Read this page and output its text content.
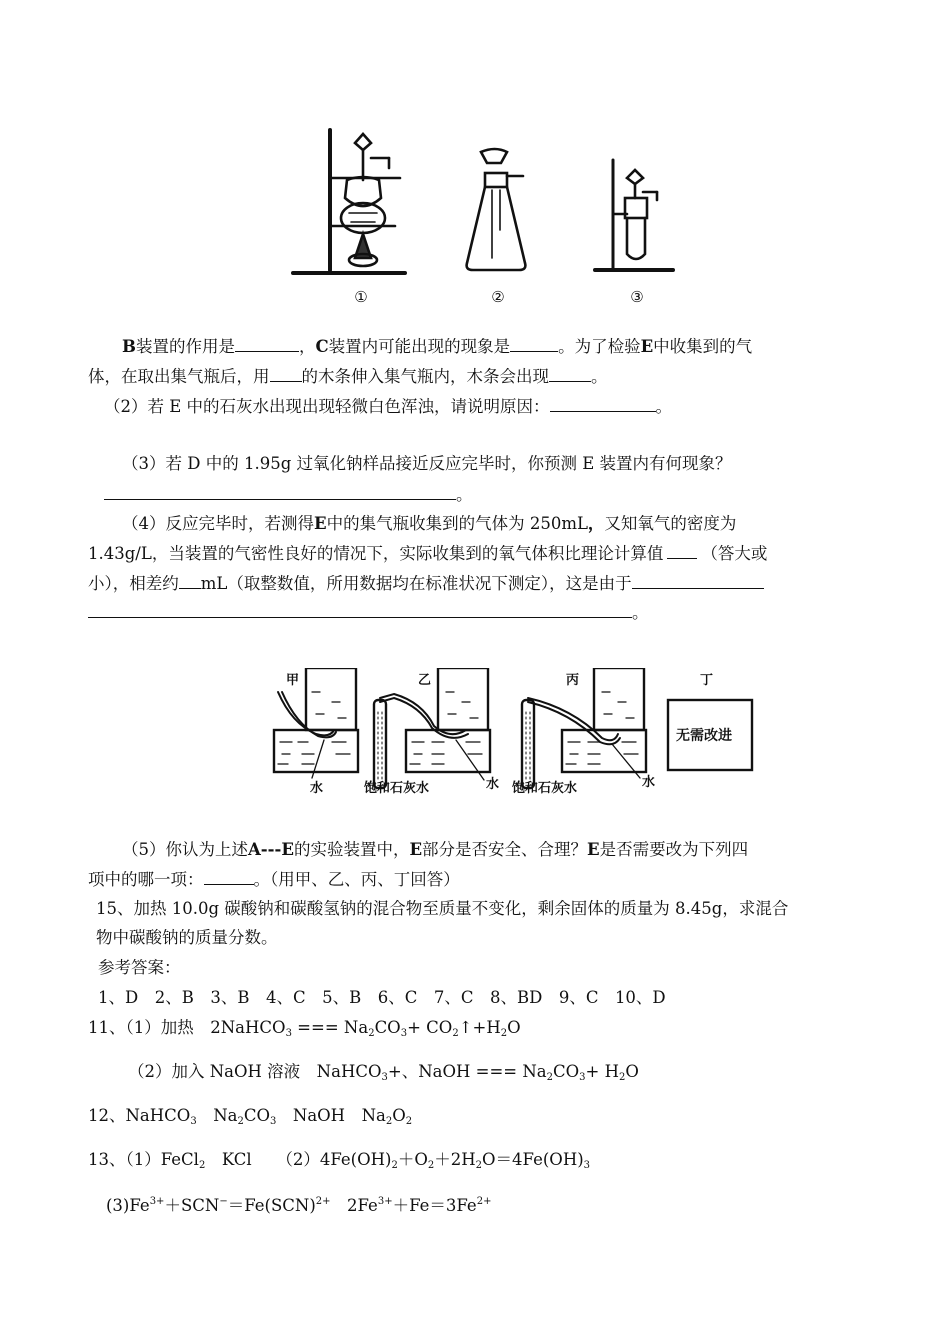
①	②	③
B装置的作用是	，C装置内可能出现的现象是	。为了检验E中收集到的气
体，在取出集气瓶后，用 的木条伸入集气瓶内，木条会出现	。
（2）若 E 中的石灰水出现出现轻微白色浑浊，请说明原因：	。
（3）若 D 中的 1.95g 过氧化钠样品接近反应完毕时，你预测 E 装置内有何现象？
。
（4）反应完毕时，若测得E中的集气瓶收集到的气体为 250mL，又知氧气的密度为
1.43g/L，当装置的气密性良好的情况下，实际收集到的氧气体积比理论计算值 （答大或
小），相差约 mL（取整数值，所用数据均在标准状况下测定），这是由于
。
甲	乙	丙	丁
无需改进
水	饱和石灰水	水 饱和石灰水	水
（5）你认为上述A---E的实验装置中，E部分是否安全、合理？E是否需要改为下列四
项中的哪一项：	。（用甲、乙、丙、丁回答）
15、加热 10.0g 碳酸钠和碳酸氢钠的混合物至质量不变化，剩余固体的质量为 8.45g，求混合
物中碳酸钠的质量分数。
参考答案：
1、D　2、B　3、B　4、C　5、B　6、C　7、C　8、BD　9、C　10、D
11、（1）加热　2NaHCO$_3$ === $Na_2CO_3+$ $CO_2↑+H_2O$
（2）加入 NaOH 溶液　NaHCO$_3$+、NaOH === $Na_2CO_3+ H_2O$
12、NaHCO$_3$　$Na_2CO_3$　NaOH　$Na_2O_2$
13、（1）FeCl$_2$　KCl　　$(2)4Fe(OH)_2+O_2+2H_2O=4Fe(OH)_3$
$(3)Fe^{3+}+SCN^-=Fe(SCN)^{2+}$　$2Fe^{3+}+Fe=3Fe^{2+}$
